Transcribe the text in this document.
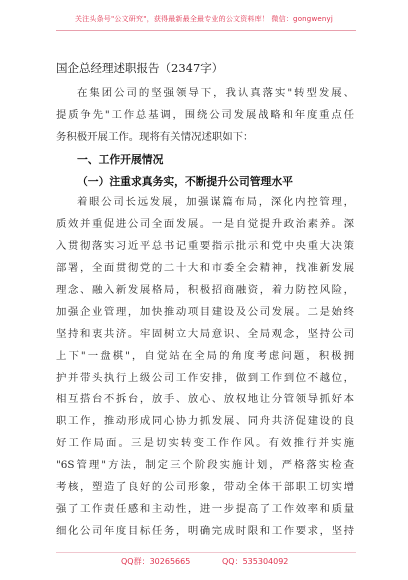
关注头条号"公文研究"，获得最新最全最专业的公文资料库！ 微信：gongwenyj
国企总经理述职报告（2347字）
在集团公司的坚强领导下，我认真落实"转型发展、
提质争先"工作总基调，围绕公司发展战略和年度重点任
务积极开展工作。现将有关情况述职如下：
一、工作开展情况
（一）注重求真务实，不断提升公司管理水平
着眼公司长远发展，加强谋篇布局，深化内控管理，
质效并重促进公司全面发展。一是自觉提升政治素养。深
入贯彻落实习近平总书记重要指示批示和党中央重大决策
部署，全面贯彻党的二十大和市委全会精神，找准新发展
理念、融入新发展格局，积极招商融资，着力防控风险，
加强企业管理，加快推动项目建设及公司发展。二是始终
坚持和衷共济。牢固树立大局意识、全局观念，坚持公司
上下"一盘棋"，自觉站在全局的角度考虑问题，积极拥
护并带头执行上级公司工作安排，做到工作到位不越位，
相互搭台不拆台，放手、放心、放权地让分管领导抓好本
职工作，推动形成同心协力抓发展、同舟共济促建设的良
好工作局面。三是切实转变工作作风。有效推行并实施
"6S管理"方法，制定三个阶段实施计划，严格落实检查
考核，塑造了良好的公司形象，带动全体干部职工切实增
强了工作责任感和主动性，进一步提高了工作效率和质量
细化公司年度目标任务，明确完成时限和工作要求，坚持
QQ群：30265665	QQ：535304092
